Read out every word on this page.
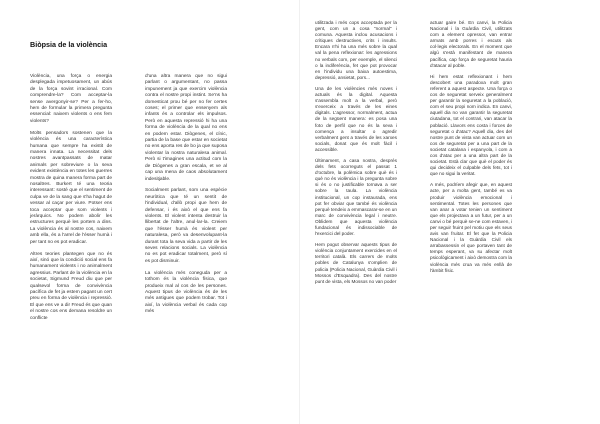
Biòpsia de la violència

Violència, una força o energia desplegada impetuosament, un abús de la força sovint irracional. Com comprendre-la? Com acceptar-la sense avergonyir-se? Per a fer-ho, hem de formular la primera pregunta essencial: naixem violents o ens fem violents?

Molts pensadors sostenen que la violència és una característica humana que sempre ha existit de manera innata. La necessitat dels nostres avantpassats de matar animals per sobreviure o la seva evident existència en totes les guerres mostra de quina manera forma part de nosaltres. Burkert té una teoria interessant: sosté que el sentiment de culpa ve de la sang que s'ha hagut de vessar al caçar per viure. Potser ens toca acceptar que som violents i jeràrquics. No podem abolir les estructures perquè les portem a dins. La violència és al nostre cos, naixem amb ella, és a l'arrel de l'ésser humà i per tant no es pot eradicar.

Altres teories plantegen que no és així, sinó que la condició social ens fa humanament violents i no animalment agressius. Parlant de la violència en la societat, Sigmund Freud diu que per qualsevol forma de convivència pacífica de fet ja estem pagant un cert preu en forma de violència i repressió. El que ens ve a dir Freud és que quan el nostre cos ens demana resoldre un conflicte

d'una altra manera que no sigui parlant o argumentant, no passa impunement ja que exercim violència contra el nostre propi instint. Se'ns ha domesticat prou bé per no fer certes coses; el primer que ensenyem als infants és a controlar els impulsos. Però en aquesta repressió hi ha una forma de violència de la qual no ens en podem estar. Diògenes, el cínic, partia de la base que estar en societat no ens aporta res de bo ja que suposa violentar la nostra naturalesa animal. Però si t'imagines una actitud com la de Diògenes a gran escala, et ve al cap una mena de caos absolutament indesitjable.

Socialment parlant, som una espècie neuròtica que té un sentit de l'individual, d'allò propi que hem de defensar, i és això el que ens fa violents. El violent intenta destruir la llibertat de l'altre, anul·lar-la. Creiem que l'ésser humà és violent per naturalesa, però va desenvolupant-la durant tota la seva vida a partir de les seves relacions socials. La violència no es pot eradicar totalment, però sí es pot disminuir.

La violència més coneguda per a tothom és la violència física, que produeix mal al cos de les persones. Aquest tipus de violència és de les més antigues que podem trobar. Tot i així, la violència verbal és cada cop més

utilitzada i més cops acceptada per la gent, com un a cosa "normal" i comuna. Aquesta inclou acusacions i crítiques destructives, crits i insults. Encara n'hi ha una més sobre la qual val la pena reflexionar: les agressions no verbals com, per exemple, el silenci o la indiferència, fet que pot provocar en l'individu una baixa autoestima, depressió, ansietat, pors...

Una de les violències més noves i actuals és la digital. Aquesta s'assembla molt a la verbal, però s'exerceix a través de les eines digitals. L'agressor, normalment, actua de la següent manera: es posa una foto de perfil que no és la seva i comença a insultar o agredir verbalment gent a través de les xarxes socials, donat que és molt fàcil i accessible.

Últimament, a casa nostra, després dels fets ocorreguts el passat 1 d'octubre, la polèmica sobre què és i què no és violència i la pregunta sobre si és o no justificable tornava a ser sobre la taula. La violència institucional, un cop instaurada, ens pot fer obviar que també és violència perquè tendeix a emmascarar-se en un marc de convivència legal i neutre. Oblidem que aquesta violència fundacional és indissociable de l'exercici del poder.

Hem pogut observar aquests tipus de violència conjuntament exercides en el territori català. Els carrers de molts pobles de Catalunya s'omplien de policia (Policia Nacional, Guàrdia Civil i Mossos d'Esquadra). Des del nostre punt de vista, els Mossos no van poder

actuar gaire bé. En canvi, la Policia Nacional i la Guàrdia Civil, utilitzats com a element opressor, van entrar armats amb porres i escuts als col·legis electorals. En el moment que algú s'està manifestant de manera pacífica, cap força de seguretat hauria d'atacar al poble.

Hi hem estat reflexionant i hem descobert una paradoxa molt gran referent a aquest aspecte. Una força o cos de seguretat serveix generalment per garantir la seguretat a la població, com el seu propi nom indica. En canvi, aquell dia no van garantir la seguretat ciutadana, tot el contrari, van atacar la població. Llavors ens costa i forces de seguretat o d'atac? Aquell dia, des del nostre punt de vista van actuar com un cos de seguretat per a una part de la societat catalana i espanyola, i com a cos d'atac per a una altra part de la societat. Està clar que què el poder és qui decideix el culpable dels fets, tot i que no sigui la veritat.

A més, podríem afegir que, en aquest acte, per a molta gent, també es va produir violència emocional i sentimental. Totes les persones que van anar a votar tenien un sentiment que els projectava a un futur, per a un canvi o bé perquè se-ne com estaven, i per seguir fruint pel motiu que els seus avis van fruitar. El fet que la Policia Nacional i la Guàrdia Civil els arrabassessin el que portaven tant de temps esperant, va su afectar molt psicològicament i això demostra com la violència més crua va més enllà de l'àmbit físic.
